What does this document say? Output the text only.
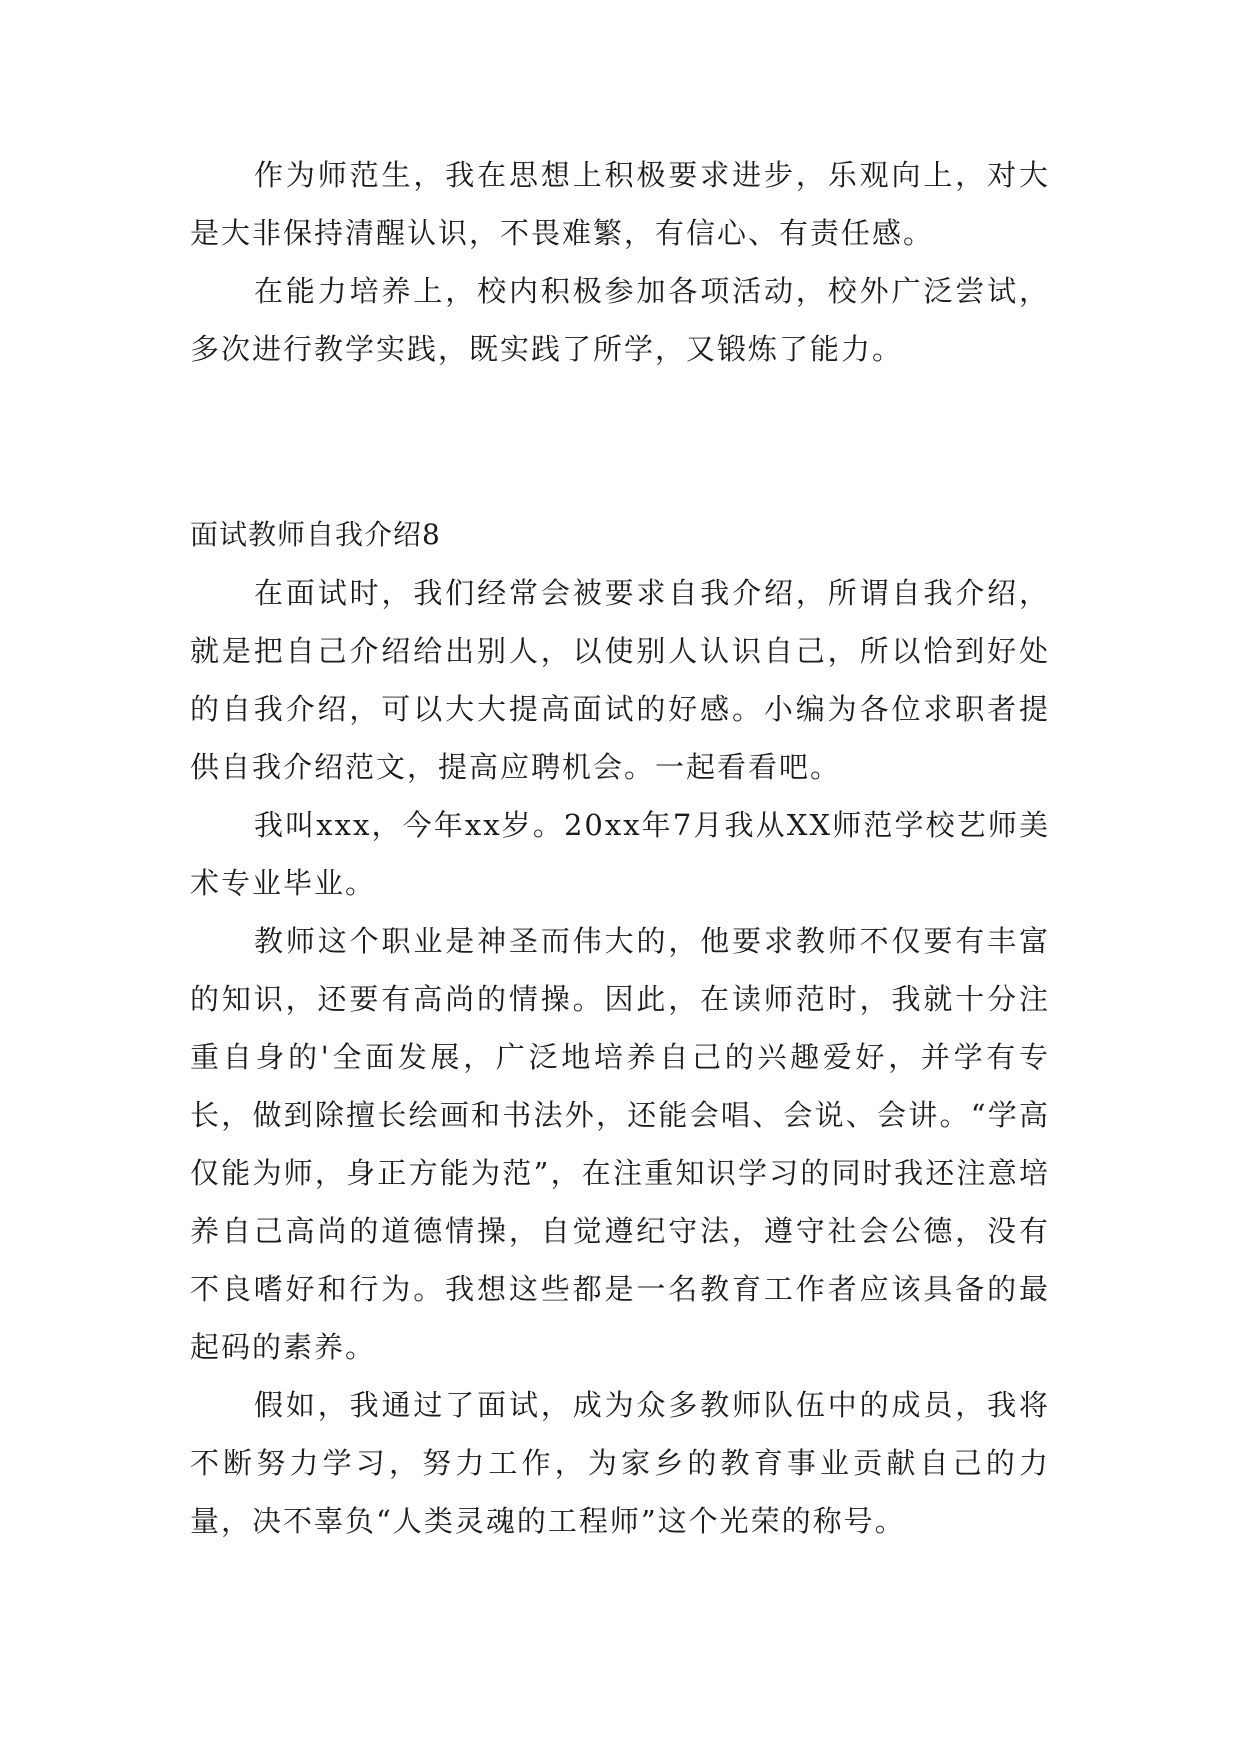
作为师范生，我在思想上积极要求进步，乐观向上，对大是大非保持清醒认识，不畏难繁，有信心、有责任感。

在能力培养上，校内积极参加各项活动，校外广泛尝试，多次进行教学实践，既实践了所学，又锻炼了能力。

面试教师自我介绍8

在面试时，我们经常会被要求自我介绍，所谓自我介绍，就是把自己介绍给出别人，以使别人认识自己，所以恰到好处的自我介绍，可以大大提高面试的好感。小编为各位求职者提供自我介绍范文，提高应聘机会。一起看看吧。

我叫xxx，今年xx岁。20xx年7月我从XX师范学校艺师美术专业毕业。

教师这个职业是神圣而伟大的，他要求教师不仅要有丰富的知识，还要有高尚的情操。因此，在读师范时，我就十分注重自身的'全面发展，广泛地培养自己的兴趣爱好，并学有专长，做到除擅长绘画和书法外，还能会唱、会说、会讲。“学高仅能为师，身正方能为范”，在注重知识学习的同时我还注意培养自己高尚的道德情操，自觉遵纪守法，遵守社会公德，没有不良嗜好和行为。我想这些都是一名教育工作者应该具备的最起码的素养。

假如，我通过了面试，成为众多教师队伍中的成员，我将不断努力学习，努力工作，为家乡的教育事业贡献自己的力量，决不辜负“人类灵魂的工程师”这个光荣的称号。
